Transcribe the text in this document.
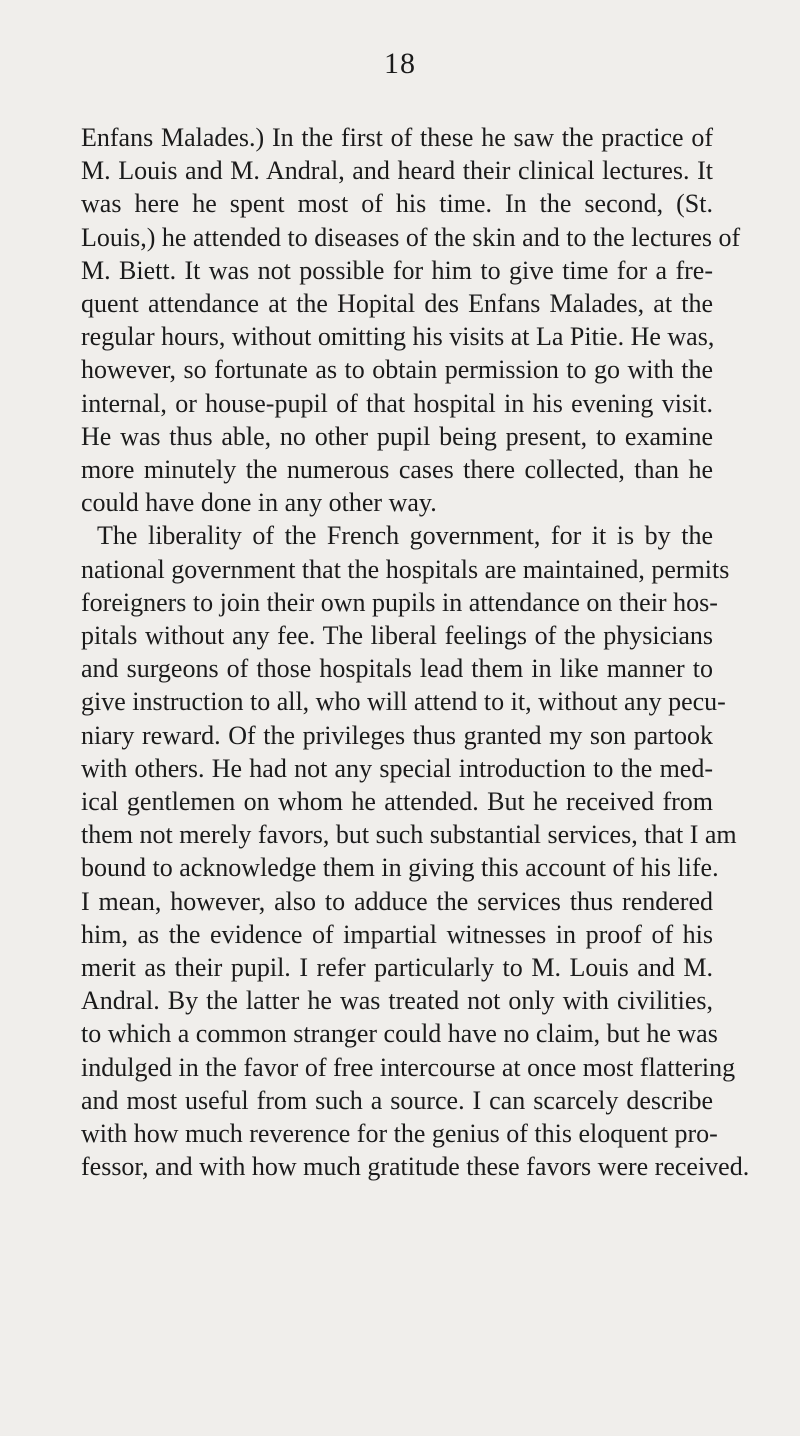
18
Enfans Malades.) In the first of these he saw the practice of
M. Louis and M. Andral, and heard their clinical lectures. It
was here he spent most of his time. In the second, (St.
Louis,) he attended to diseases of the skin and to the lectures of
M. Biett. It was not possible for him to give time for a fre-
quent attendance at the Hopital des Enfans Malades, at the
regular hours, without omitting his visits at La Pitie. He was,
however, so fortunate as to obtain permission to go with the
internal, or house-pupil of that hospital in his evening visit.
He was thus able, no other pupil being present, to examine
more minutely the numerous cases there collected, than he
could have done in any other way.
The liberality of the French government, for it is by the
national government that the hospitals are maintained, permits
foreigners to join their own pupils in attendance on their hos-
pitals without any fee. The liberal feelings of the physicians
and surgeons of those hospitals lead them in like manner to
give instruction to all, who will attend to it, without any pecu-
niary reward. Of the privileges thus granted my son partook
with others. He had not any special introduction to the med-
ical gentlemen on whom he attended. But he received from
them not merely favors, but such substantial services, that I am
bound to acknowledge them in giving this account of his life.
I mean, however, also to adduce the services thus rendered
him, as the evidence of impartial witnesses in proof of his
merit as their pupil. I refer particularly to M. Louis and M.
Andral. By the latter he was treated not only with civilities,
to which a common stranger could have no claim, but he was
indulged in the favor of free intercourse at once most flattering
and most useful from such a source. I can scarcely describe
with how much reverence for the genius of this eloquent pro-
fessor, and with how much gratitude these favors were received.
